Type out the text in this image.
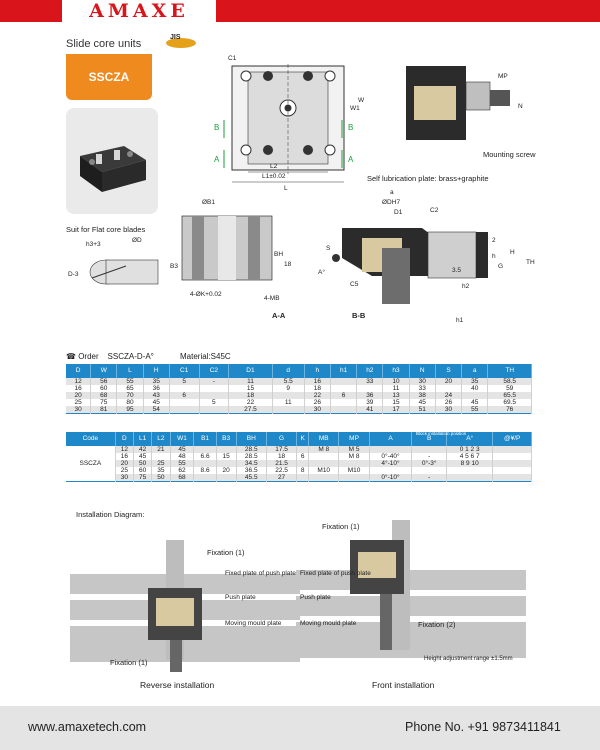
AMAXE
Slide core units
JIS
SSCZA
C1
B
A
B
A
L2
L1±0.02
L
W1
W
MP
N
Mounting screw
Self lubrication plate: brass+graphite
Suit for Flat core blades
h3+3
ØD
D-3
ØB1
BH
18
B3
4-ØK+0.02
4-MB
A-A
a
ØDH7
D1	C2
S
A°
C5
3.5
2
h
G
H
TH
h2
h1
B-B
☎ Order SSCZA-D-A°	Material:S45C
D	W	L	H	C1	C2	D1	d	h	h1	h2	h3	N	S	a	TH
12	56	55	35	5	-	11	5.5	16		33	10	30	20	35	58.5
16	60	65	36			15	9	18			11	33		40	59
20	68	70	43	6		18		22	6	36	13	38	24		65.5
25	75	80	45		5	22	11	26		39	15	45	26	45	69.5
30	81	95	54			27.5		30		41	17	51	30	55	76
Code	D	L1	L2	W1	B1	B3	BH	G	K	MB	MP	A	B	A°	@¥/P
SSCZA	12	42	21	45			28.5	17.5		M 8	M 5			0 1 2 3	
	16	45		48	6.6	15	28.5	18	6		M 8	0°-40°	-	4 5 6 7	
	20	50	25	55			34.5	21.5				4°-10°	0°-3°	8 9 10	
	25	60	35	62	8.6	20	36.5	22.5	8	M10	M10				
	30	75	50	68			45.5	27				0°-10°	-		
Block installation position
Installation Diagram:
Fixation (1)
Fixed plate of push plate
Push plate
Moving mould plate
Fixation (1)
Reverse installation
Fixation (1)
Fixed plate of push plate
Push plate
Moving mould plate	Fixation (2)
Height adjustment range ±1.5mm
Front installation
www.amaxetech.com	Phone No. +91 9873411841
